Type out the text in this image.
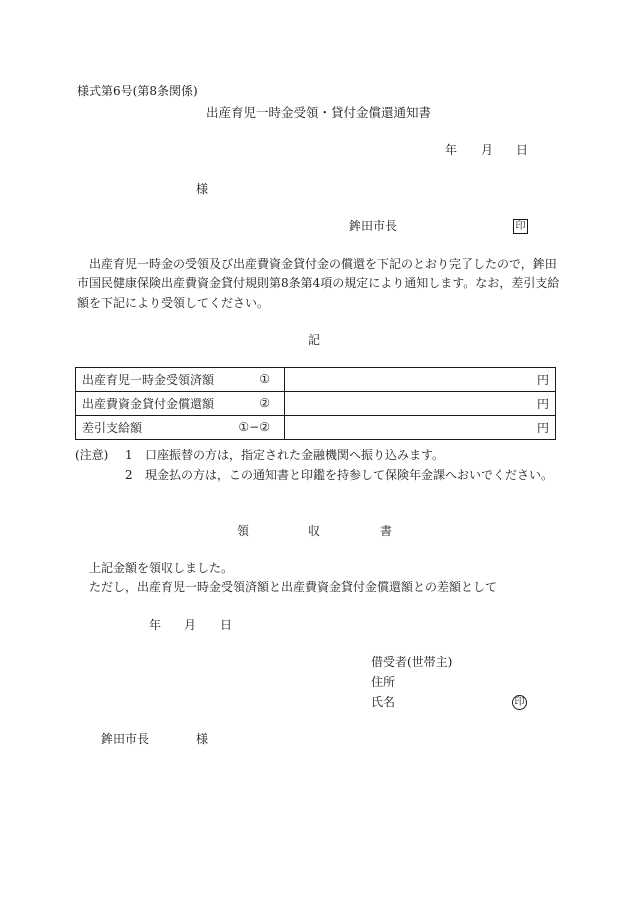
様式第6号(第8条関係)
出産育児一時金受領・貸付金償還通知書
年 月 日
様
鉾田市長	印
出産育児一時金の受領及び出産費資金貸付金の償還を下記のとおり完了したので，鉾田
市国民健康保険出産費資金貸付規則第8条第4項の規定により通知します。なお，差引支給
額を下記により受領してください。
記
出産育児一時金受領済額 ①	円
出産費資金貸付金償還額 ②	円
差引支給額 ①−②	円
(注意) 1 口座振替の方は，指定された金融機関へ振り込みます。
2 現金払の方は，この通知書と印鑑を持参して保険年金課へおいでください。
領	収	書
上記金額を領収しました。
ただし，出産育児一時金受領済額と出産費資金貸付金償還額との差額として
年 月 日
借受者(世帯主)
住所
氏名	印
鉾田市長	様
